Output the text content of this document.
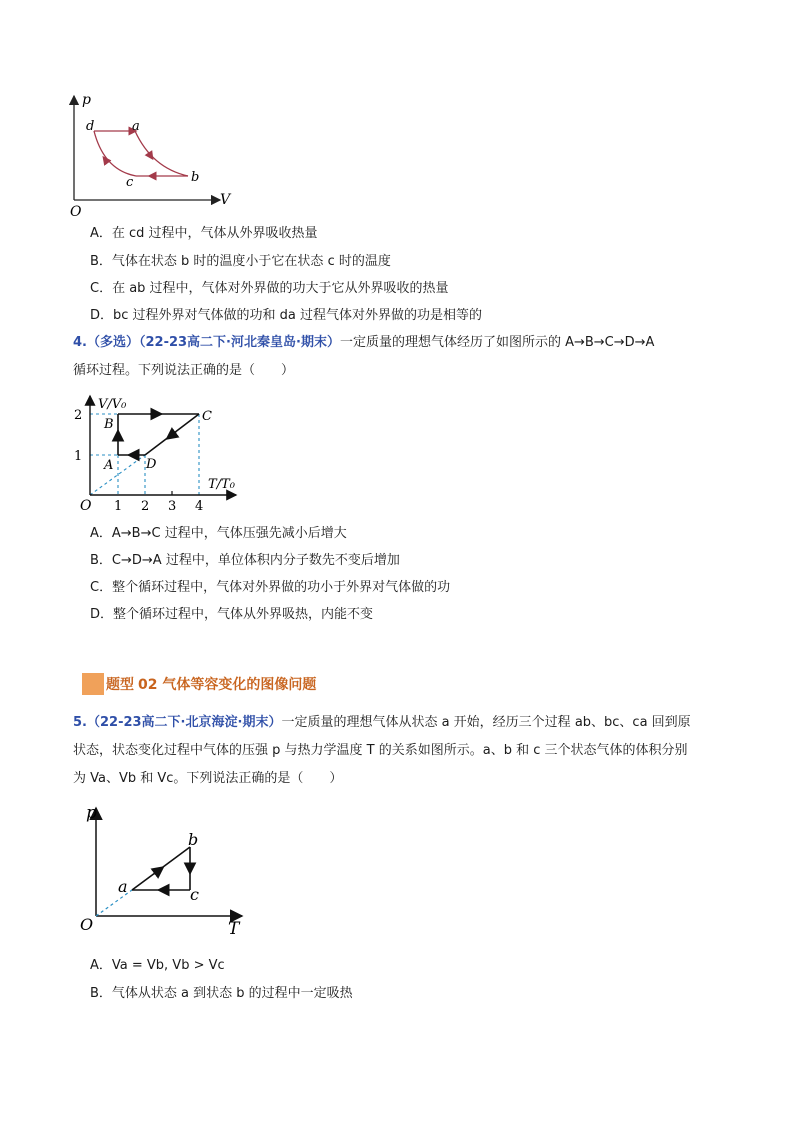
p
V
O
d	a
b
c
A．在 cd 过程中，气体从外界吸收热量
B．气体在状态 b 时的温度小于它在状态 c 时的温度
C．在 ab 过程中，气体对外界做的功大于它从外界吸收的热量
D．bc 过程外界对气体做的功和 da 过程气体对外界做的功是相等的
4.（多选）（22-23高二下·河北秦皇岛·期末）一定质量的理想气体经历了如图所示的 A→B→C→D→A
循环过程。下列说法正确的是（　　）
V/V₀
T/T₀
O
2
1
1 2 3 4
B
C
A	D
A．A→B→C 过程中，气体压强先减小后增大
B．C→D→A 过程中，单位体积内分子数先不变后增加
C．整个循环过程中，气体对外界做的功小于外界对气体做的功
D．整个循环过程中，气体从外界吸热，内能不变
题型 02 气体等容变化的图像问题
5.（22-23高二下·北京海淀·期末）一定质量的理想气体从状态 a 开始，经历三个过程 ab、bc、ca 回到原
状态，状态变化过程中气体的压强 p 与热力学温度 T 的关系如图所示。a、b 和 c 三个状态气体的体积分别
为 Va、Vb 和 Vc。下列说法正确的是（　　）
p
T
O
a
b
c
A．Va = Vb, Vb > Vc
B．气体从状态 a 到状态 b 的过程中一定吸热
